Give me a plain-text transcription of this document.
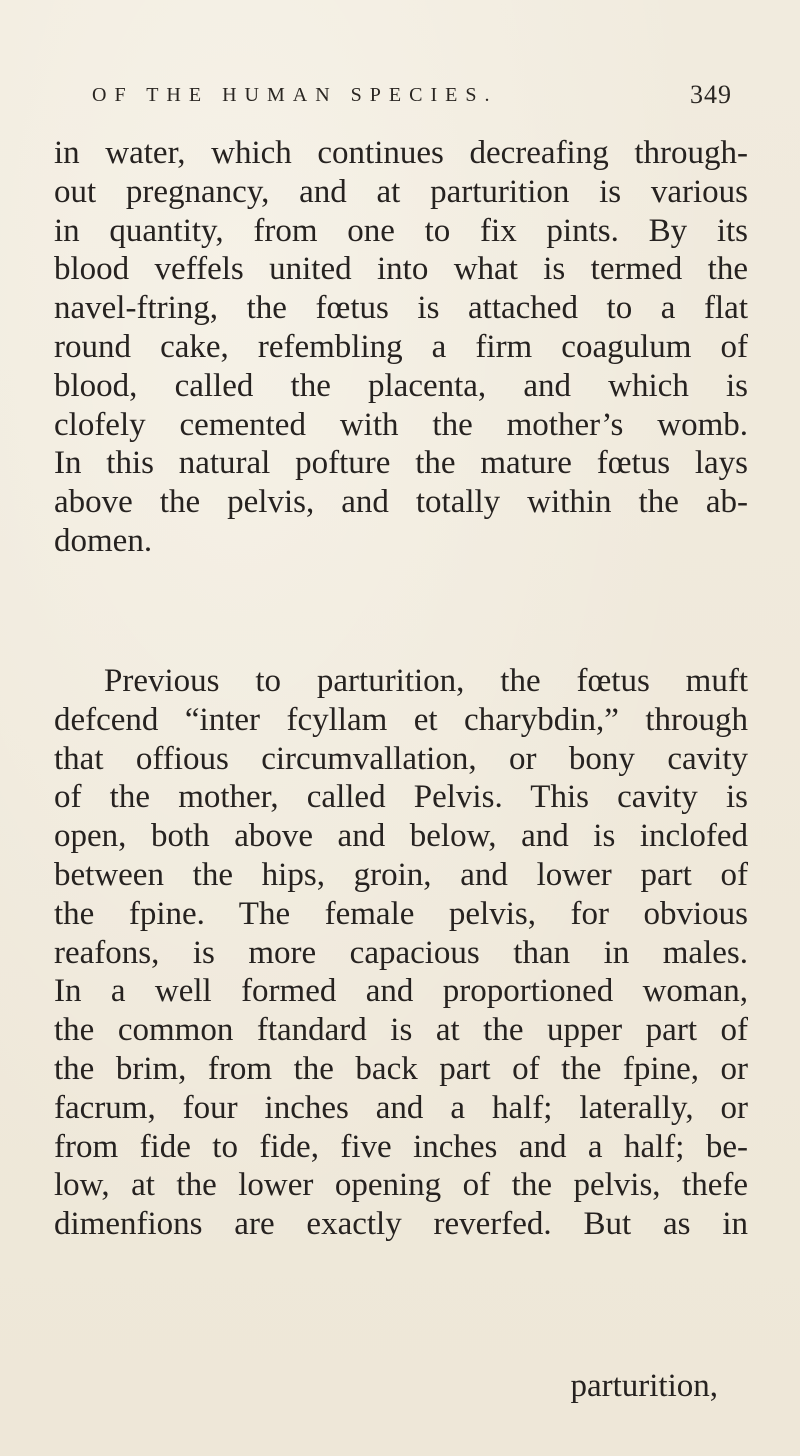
OF THE HUMAN SPECIES.	349
in water, which continues decreafing through-
out pregnancy, and at parturition is various
in quantity, from one to fix pints. By its
blood veffels united into what is termed the
navel-ftring, the fœtus is attached to a flat
round cake, refembling a firm coagulum of
blood, called the placenta, and which is
clofely cemented with the mother’s womb.
In this natural pofture the mature fœtus lays
above the pelvis, and totally within the ab-
domen.
Previous to parturition, the fœtus muft
defcend “inter fcyllam et charybdin,” through
that offious circumvallation, or bony cavity
of the mother, called Pelvis. This cavity is
open, both above and below, and is inclofed
between the hips, groin, and lower part of
the fpine. The female pelvis, for obvious
reafons, is more capacious than in males.
In a well formed and proportioned woman,
the common ftandard is at the upper part of
the brim, from the back part of the fpine, or
facrum, four inches and a half; laterally, or
from fide to fide, five inches and a half; be-
low, at the lower opening of the pelvis, thefe
dimenfions are exactly reverfed. But as in
parturition,
